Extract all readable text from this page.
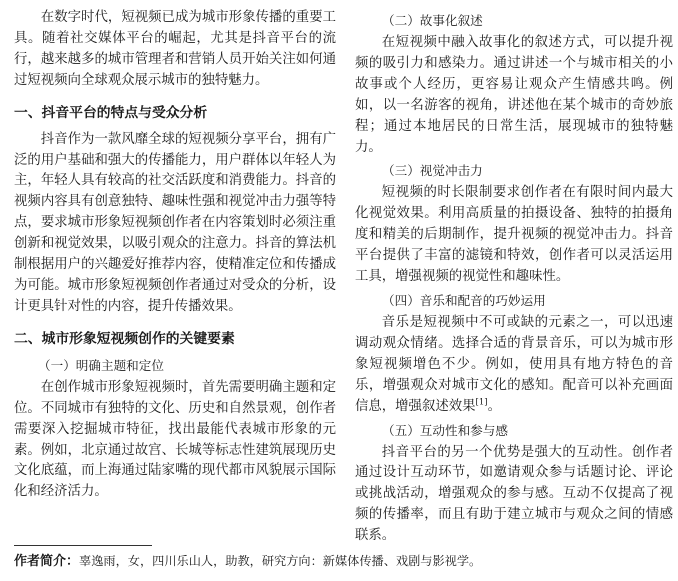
在数字时代，短视频已成为城市形象传播的重要工具。随着社交媒体平台的崛起，尤其是抖音平台的流行，越来越多的城市管理者和营销人员开始关注如何通过短视频向全球观众展示城市的独特魅力。

一、抖音平台的特点与受众分析

抖音作为一款风靡全球的短视频分享平台，拥有广泛的用户基础和强大的传播能力，用户群体以年轻人为主，年轻人具有较高的社交活跃度和消费能力。抖音的视频内容具有创意独特、趣味性强和视觉冲击力强等特点，要求城市形象短视频创作者在内容策划时必须注重创新和视觉效果，以吸引观众的注意力。抖音的算法机制根据用户的兴趣爱好推荐内容，使精准定位和传播成为可能。城市形象短视频创作者通过对受众的分析，设计更具针对性的内容，提升传播效果。

二、城市形象短视频创作的关键要素
（一）明确主题和定位

在创作城市形象短视频时，首先需要明确主题和定位。不同城市有独特的文化、历史和自然景观，创作者需要深入挖掘城市特征，找出最能代表城市形象的元素。例如，北京通过故宫、长城等标志性建筑展现历史文化底蕴，而上海通过陆家嘴的现代都市风貌展示国际化和经济活力。

（二）故事化叙述

在短视频中融入故事化的叙述方式，可以提升视频的吸引力和感染力。通过讲述一个与城市相关的小故事或个人经历，更容易让观众产生情感共鸣。例如，以一名游客的视角，讲述他在某个城市的奇妙旅程；通过本地居民的日常生活，展现城市的独特魅力。

（三）视觉冲击力

短视频的时长限制要求创作者在有限时间内最大化视觉效果。利用高质量的拍摄设备、独特的拍摄角度和精美的后期制作，提升视频的视觉冲击力。抖音平台提供了丰富的滤镜和特效，创作者可以灵活运用工具，增强视频的视觉性和趣味性。

（四）音乐和配音的巧妙运用

音乐是短视频中不可或缺的元素之一，可以迅速调动观众情绪。选择合适的背景音乐，可以为城市形象短视频增色不少。例如，使用具有地方特色的音乐，增强观众对城市文化的感知。配音可以补充画面信息，增强叙述效果[1]。

（五）互动性和参与感

抖音平台的另一个优势是强大的互动性。创作者通过设计互动环节，如邀请观众参与话题讨论、评论或挑战活动，增强观众的参与感。互动不仅提高了视频的传播率，而且有助于建立城市与观众之间的情感联系。

作者简介：辜逸雨，女，四川乐山人，助教，研究方向：新媒体传播、戏剧与影视学。
